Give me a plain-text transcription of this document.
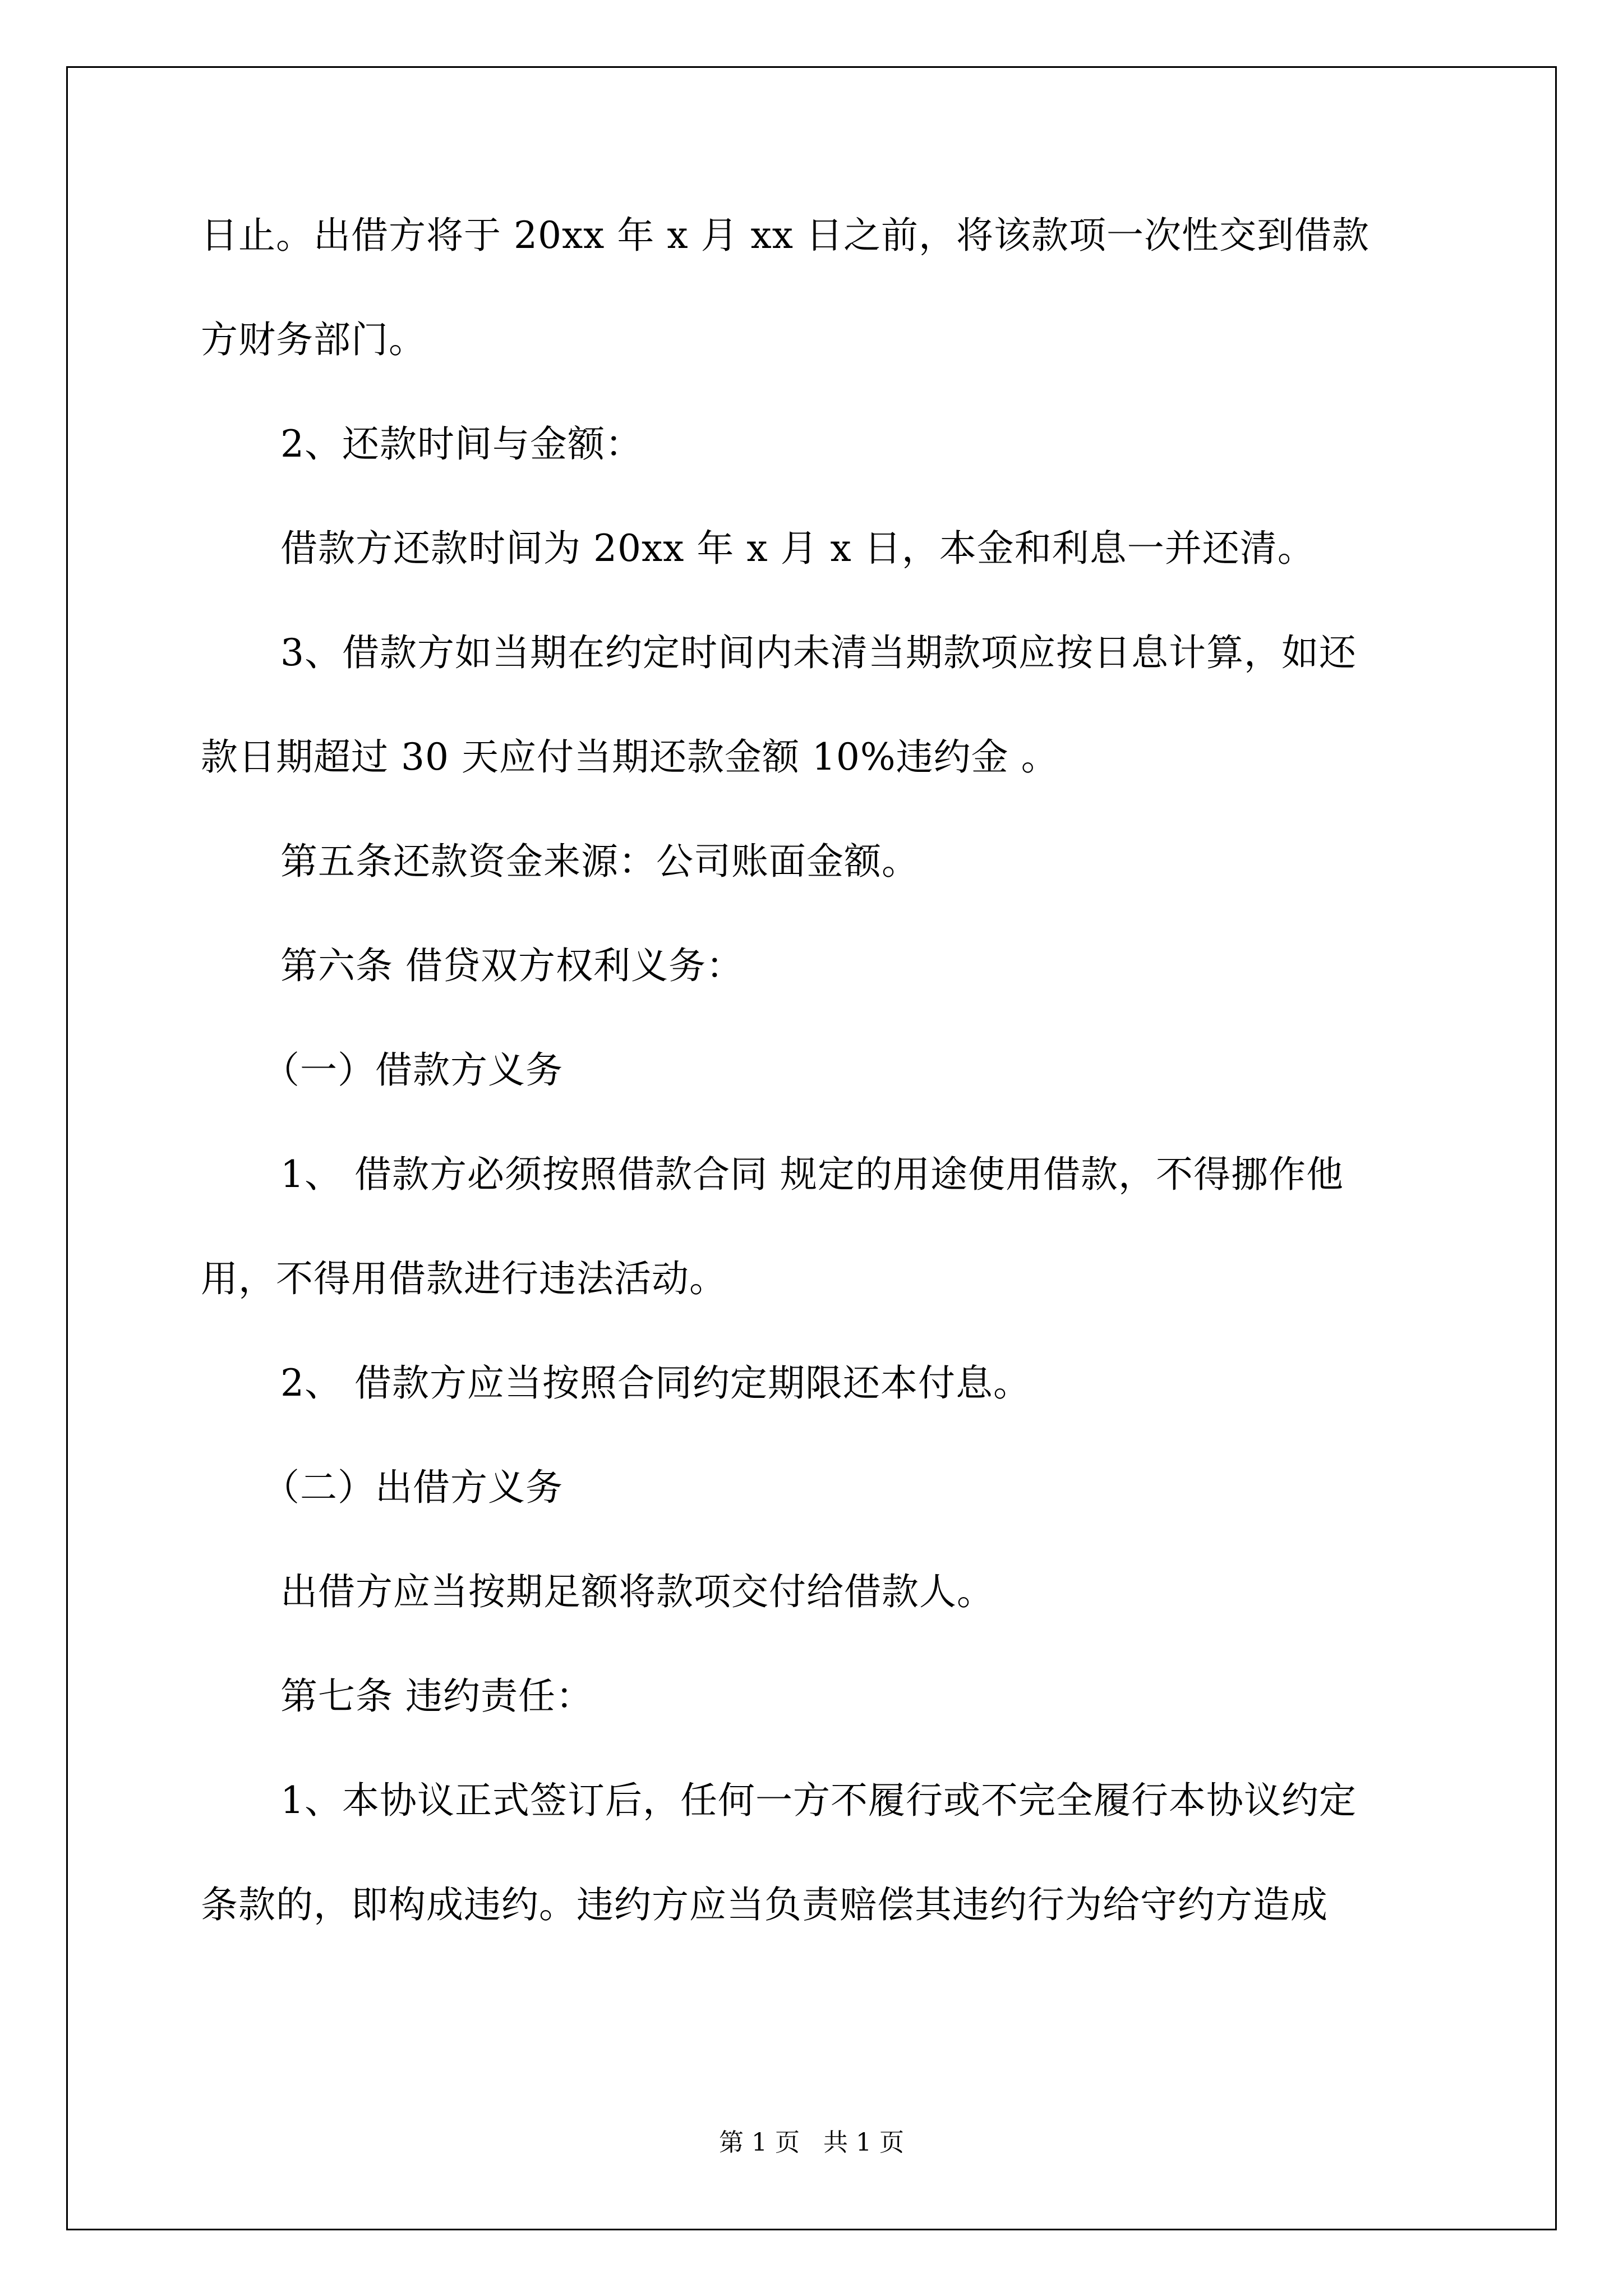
日止。出借方将于 20xx 年 x 月 xx 日之前，将该款项一次性交到借款
方财务部门。
2、还款时间与金额：
借款方还款时间为 20xx 年 x 月 x 日，本金和利息一并还清。
3、借款方如当期在约定时间内未清当期款项应按日息计算，如还
款日期超过 30 天应付当期还款金额 10%违约金 。
第五条还款资金来源：公司账面金额。
第六条 借贷双方权利义务：
（一）借款方义务
1、 借款方必须按照借款合同 规定的用途使用借款，不得挪作他
用，不得用借款进行违法活动。
2、 借款方应当按照合同约定期限还本付息。
（二）出借方义务
出借方应当按期足额将款项交付给借款人。
第七条 违约责任：
1、本协议正式签订后，任何一方不履行或不完全履行本协议约定
条款的，即构成违约。违约方应当负责赔偿其违约行为给守约方造成
第 1 页   共 1 页
